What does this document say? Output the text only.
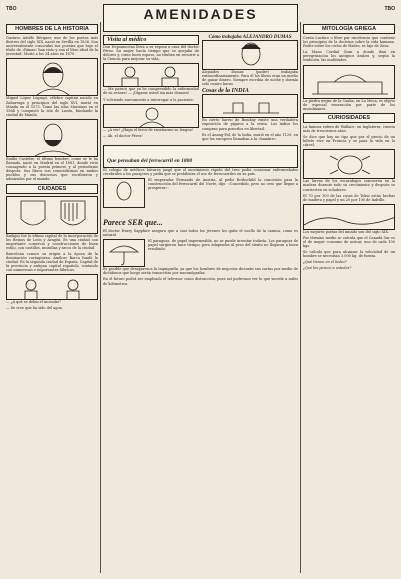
TBO	TBO
HOMBRES DE LA HISTORIA

Gustavo Adolfo Bécquer, uno de los poetas más ilustres del siglo XIX, nació en Sevilla en 1836. Son universalmente conocidas sus poesías que bajo el título de «Rimas» han visto y son el libro ideal de la juventud. Murió a los 34 años en 1870.

Miguel López Legazpi, célebre capitán nacido en Zabarraga y principios del siglo XVI, murió en Manila en el 1572. Tomó las islas Marianas en el 1564 y conquistó la isla de Luzón, fundando la ciudad de Manila.

Emilio Castelar, el último hombre, como se le ha llamado, nació en Madrid en el 1881, donde vivió consagrado a la poesía primero y al periodismo después. Sus libros son conocidísimos en ambos pueblos y sus discursos que escribieron y admirados por el mundo.

CIUDADES

Badajoz fue la última capital de la incorporación de los Reinos de León y Aragón. Es una ciudad con importante comercio y construcciones de buen estilo, con castillos, murallas y arcos de la ciudad.

Barcelona conoce su origen a la época de la dominación cartaginesa. Amílcar Barca fundó la ciudad. Es la segunda ciudad de España. Capital de la provincia y antigua capital española, contando con numerosas e importantes fábricas.

— ¿A qué se debía el incendio?

— Se cree que ha sido del agua.

AMENIDADES
Visita al médico

Don Nepomuceno lleva a su esposa a casa del doctor Pérez. Su mujer hacía tiempo que se quejaba de dolores y, como buen esposo, no titubea en recurrir a la Ciencia para mejorar su vida.

— Me parece que ya he comprendido la enfermedad de su señora! — ¡Dígame usted sin más demora!

Y volviendo nuevamente a interrogar a la paciente:

— ¿A ver! ¿Haga el favor de enseñarme su lengua!

— Ah, el doctor Pérez!

Cómo trabajaba ALEJANDRO DUMAS

Alejandro Dumas (padre) trabajaba extraordinariamente. Para él los libros eran un medio de ganar dinero. Siempre escribía de noche y dormía solo cuatro horas.

Cosas de la INDIA

En cierto barrio de Bombay existe una verdadera exposición de pájaros a la venta. Los indios los compran para ponerlos en libertad.

Es el Anang-Pal, de la India, murió en el año 1120, en que los europeos llamaban a la «hambre».

Que pensaban del ferrocarril en 1800

El colegio de médicos bávaros juzgó que el movimiento rápido del tren podía ocasionar enfermedades cerebrales a los pasajeros y pedía que se prohibiera el uso de ferrocarriles en su país.

El emperador Fernando de Austria, al pedir Rothschild la concesión para la construcción del ferrocarril del Norte, dijo: «Concedido, pero no creo que llegue a prosperar».

Parece SER que...

El doctor Harry Sapphire asegura que a casi todos los jóvenes les quita el cuello de la camisa, como es natural.

El paraguas, de papel impermeable, no se puede inventar todavía. Los paraguas de papel surgieron hace tiempo, pero adaptados al peso del viento no llegaron a buen resultado.

Es posible que desaparezca la taquigrafía, ya que los hombres de negocios dictarán sus cartas por medio de dictáfonos que luego serán transcritas por mecanógrafas.

En el futuro podrá ser empleado el televisor como distracción, pues así podremos ver lo que sucede a miles de kilómetros.

MITOLOGÍA GRIEGA

Cerón Lucfaro o libre par excelencia que contiene los principios de la doctrina sobre la vida humana. Poder sobre los cielos de Hades, es hijo de Zeus.

La Mano Cordial Gran a donde iban en peregrinación los antiguos árabes y, según la tradición, las multitudes.

La piedra negra de la Caaba, en La Meca, es objeto de especial veneración por parte de los musulmanes.

CURIOSIDADES

La famosa esfera de Wallace, en Inglaterra, cuenta más de trescientos años.

Se dice que hay un tipo que por el precio de un billete vive en Francia y se pasa la vida en la cárcel.

Las larvas de los escarabajos concurren en la madera durante todo su crecimiento y después se convierten en voladores.

El 70 por 100 de las casas de Tokio están hechas de madera y papel y un 20 por 100 de ladrillo.

Los mejores poetas del mundo son del siglo XIX.

Por término medio se calcula que el Canadá Sur es el de mayor consumo de azúcar, uno de cada 100 kgs.

Se calcula que para alcanzar la velocidad de un hombre se necesitan 3.000 kg. de fuerza.

¿Qué tienen en el bolso?

¿Qué les parece a ustedes?
